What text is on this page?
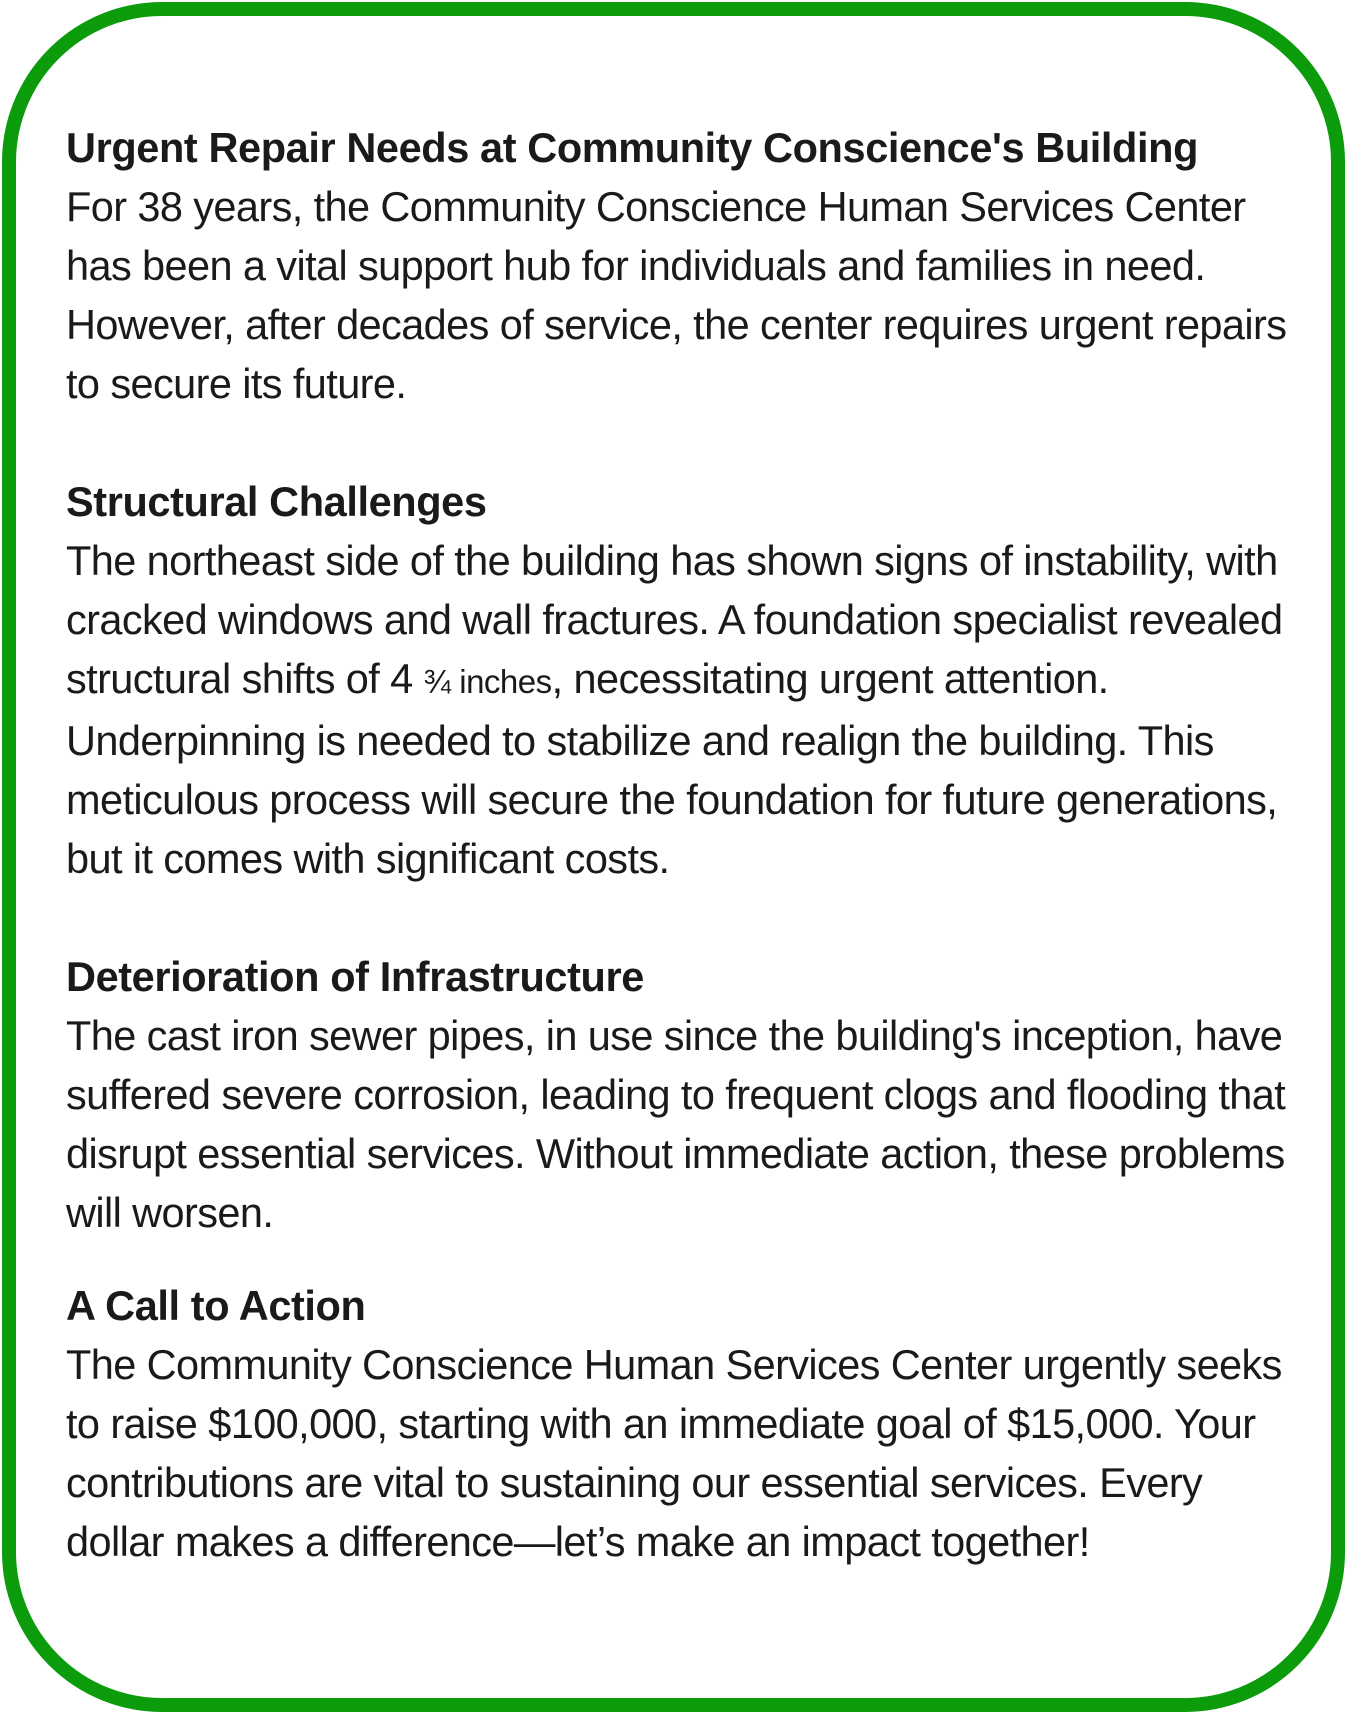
Urgent Repair Needs at Community Conscience's Building

For 38 years, the Community Conscience Human Services Center has been a vital support hub for individuals and families in need. However, after decades of service, the center requires urgent repairs to secure its future.

Structural Challenges

The northeast side of the building has shown signs of instability, with cracked windows and wall fractures. A foundation specialist revealed structural shifts of 4 ¾ inches, necessitating urgent attention. Underpinning is needed to stabilize and realign the building. This meticulous process will secure the foundation for future generations, but it comes with significant costs.

Deterioration of Infrastructure

The cast iron sewer pipes, in use since the building's inception, have suffered severe corrosion, leading to frequent clogs and flooding that disrupt essential services. Without immediate action, these problems will worsen.

A Call to Action

The Community Conscience Human Services Center urgently seeks to raise $100,000, starting with an immediate goal of $15,000. Your contributions are vital to sustaining our essential services. Every dollar makes a difference—let’s make an impact together!
